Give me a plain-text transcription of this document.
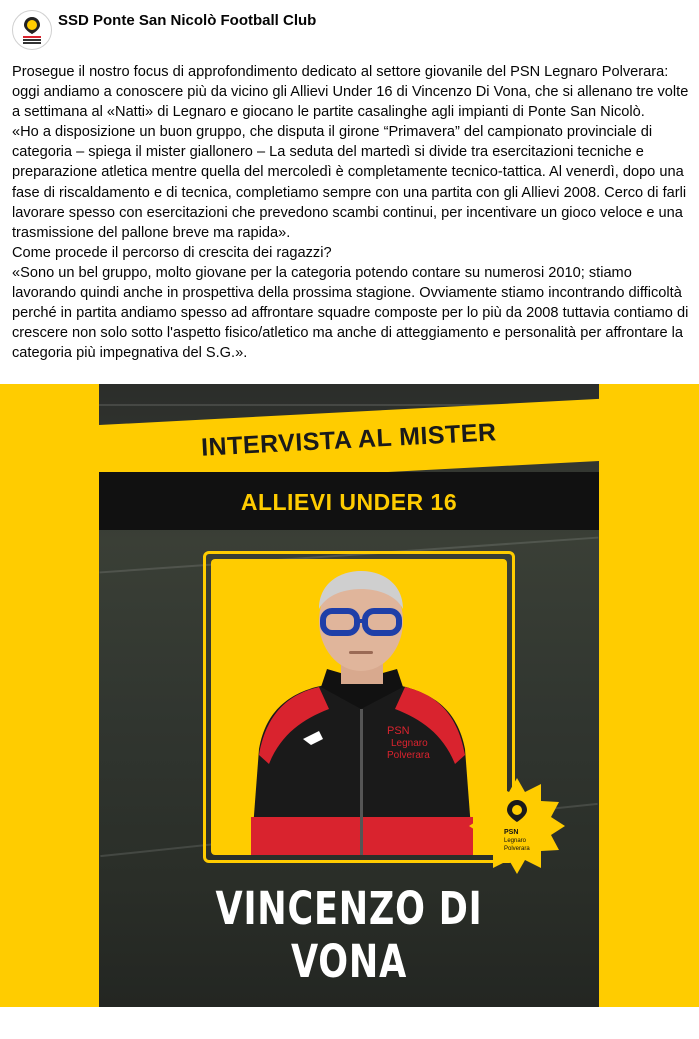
SSD Ponte San Nicolò Football Club

Prosegue il nostro focus di approfondimento dedicato al settore giovanile del PSN Legnaro Polverara: oggi andiamo a conoscere più da vicino gli Allievi Under 16 di Vincenzo Di Vona, che si allenano tre volte a settimana al «Natti» di Legnaro e giocano le partite casalinghe agli impianti di Ponte San Nicolò.

«Ho a disposizione un buon gruppo, che disputa il girone “Primavera” del campionato provinciale di categoria – spiega il mister giallonero – La seduta del martedì si divide tra esercitazioni tecniche e preparazione atletica mentre quella del mercoledì è completamente tecnico-tattica. Al venerdì, dopo una fase di riscaldamento e di tecnica, completiamo sempre con una partita con gli Allievi 2008. Cerco di farli lavorare spesso con esercitazioni che prevedono scambi continui, per incentivare un gioco veloce e una trasmissione del pallone breve ma rapida».

Come procede il percorso di crescita dei ragazzi?

«Sono un bel gruppo, molto giovane per la categoria potendo contare su numerosi 2010; stiamo lavorando quindi anche in prospettiva della prossima stagione. Ovviamente stiamo incontrando difficoltà perché in partita andiamo spesso ad affrontare squadre composte per lo più da 2008 tuttavia contiamo di crescere non solo sotto l'aspetto fisico/atletico ma anche di atteggiamento e personalità per affrontare la categoria più impegnativa del S.G.».

INTERVISTA AL MISTER
ALLIEVI UNDER 16
PSN
Legnaro
Polverara
PSN
Legnaro
Polverara
VINCENZO DI VONA
